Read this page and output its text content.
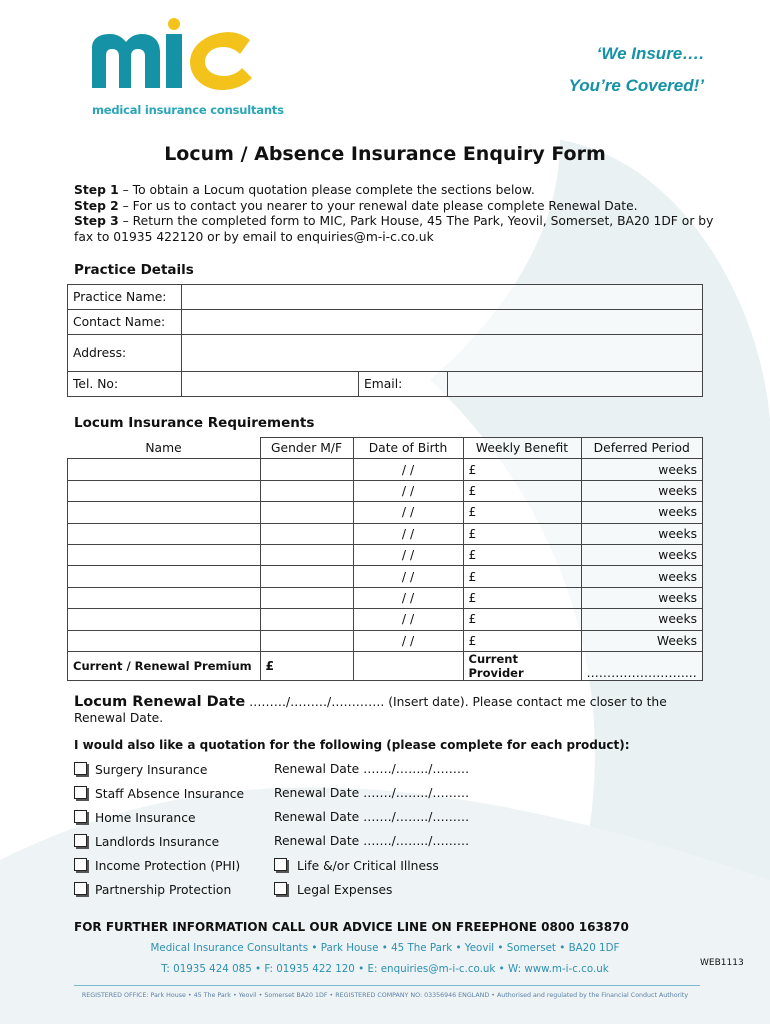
medical insurance consultants
‘We Insure….
You’re Covered!’
Locum / Absence Insurance Enquiry Form
Step 1 – To obtain a Locum quotation please complete the sections below.
Step 2 – For us to contact you nearer to your renewal date please complete Renewal Date.
Step 3 – Return the completed form to MIC, Park House, 45 The Park, Yeovil, Somerset, BA20 1DF or by fax to 01935 422120 or by email to enquiries@m-i-c.co.uk
Practice Details
Practice Name:			
Contact Name:			
Address:			
Tel. No:		Email:	
Locum Insurance Requirements
Name	Gender M/F	Date of Birth	Weekly Benefit	Deferred Period
		/ /	£	weeks
		/ /	£	weeks
		/ /	£	weeks
		/ /	£	weeks
		/ /	£	weeks
		/ /	£	weeks
		/ /	£	weeks
		/ /	£	weeks
		/ /	£	Weeks
Current / Renewal Premium	£		Current Provider	……………………...
Locum Renewal Date ………/………/…………. (Insert date). Please contact me closer to the Renewal Date.
I would also like a quotation for the following (please complete for each product):
Surgery Insurance	Renewal Date ……./……../………
Staff Absence Insurance Renewal Date ……./……../………
Home Insurance	Renewal Date ……./……../………
Landlords Insurance	Renewal Date ……./……../………
Income Protection (PHI)	Life &/or Critical Illness
Partnership Protection	Legal Expenses
FOR FURTHER INFORMATION CALL OUR ADVICE LINE ON FREEPHONE 0800 163870
Medical Insurance Consultants • Park House • 45 The Park • Yeovil • Somerset • BA20 1DF
T: 01935 424 085 • F: 01935 422 120 • E: enquiries@m-i-c.co.uk • W: www.m-i-c.co.uk	WEB1113
REGISTERED OFFICE: Park House • 45 The Park • Yeovil • Somerset BA20 1DF • REGISTERED COMPANY NO: 03356946 ENGLAND • Authorised and regulated by the Financial Conduct Authority
